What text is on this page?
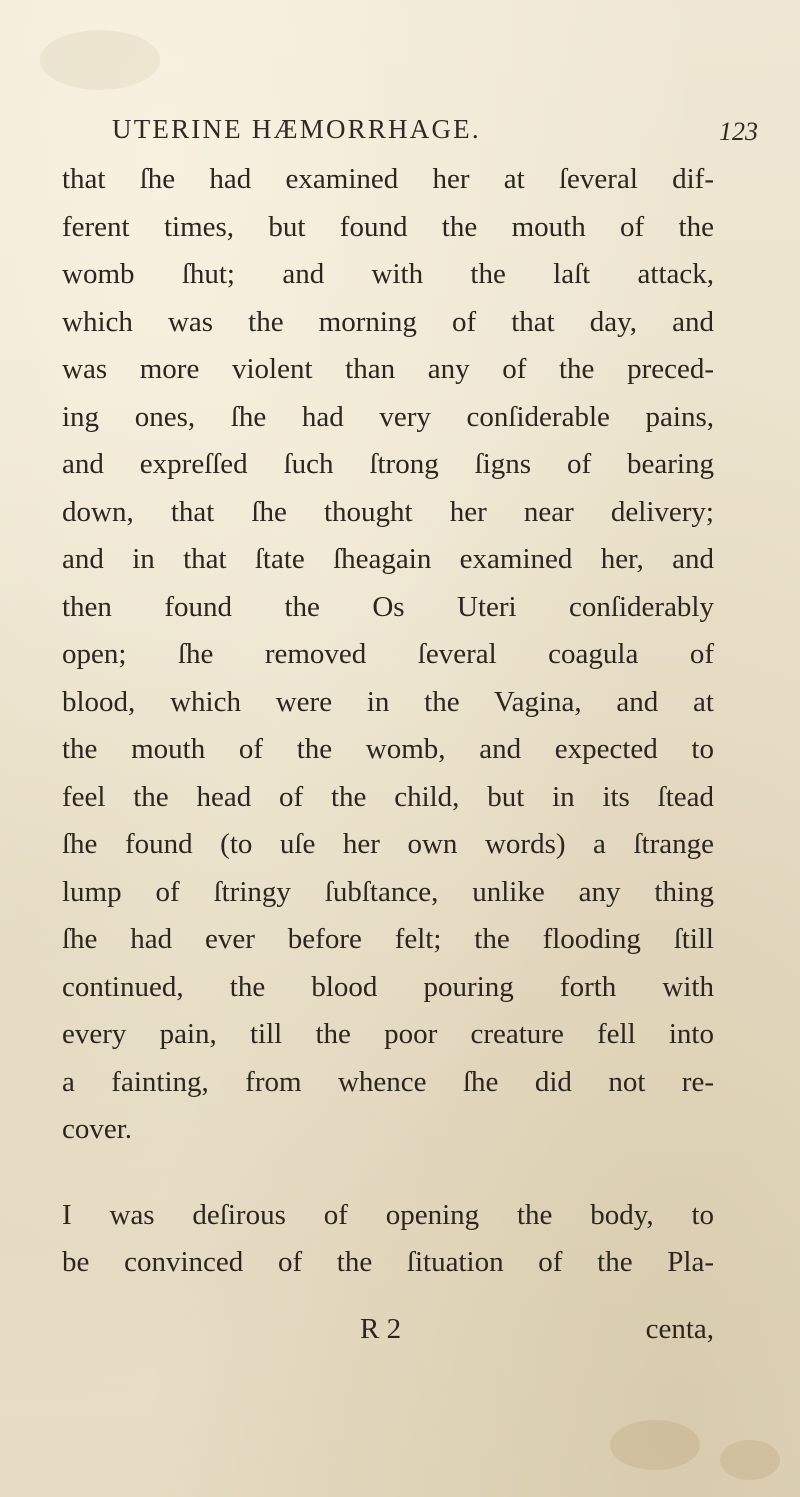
UTERINE HÆMORRHAGE.	123
that ſhe had examined her at ſeveral dif-
ferent times, but found the mouth of the
womb ſhut; and with the laſt attack,
which was the morning of that day, and
was more violent than any of the preced-
ing ones, ſhe had very conſiderable pains,
and expreſſed ſuch ſtrong ſigns of bearing
down, that ſhe thought her near delivery;
and in that ſtate ſheagain examined her, and
then found the Os Uteri conſiderably
open; ſhe removed ſeveral coagula of
blood, which were in the Vagina, and at
the mouth of the womb, and expected to
feel the head of the child, but in its ſtead
ſhe found (to uſe her own words) a ſtrange
lump of ſtringy ſubſtance, unlike any thing
ſhe had ever before felt; the flooding ſtill
continued, the blood pouring forth with
every pain, till the poor creature fell into
a fainting, from whence ſhe did not re-
cover.
I was deſirous of opening the body, to
be convinced of the ſituation of the Pla-
R 2	centa,
